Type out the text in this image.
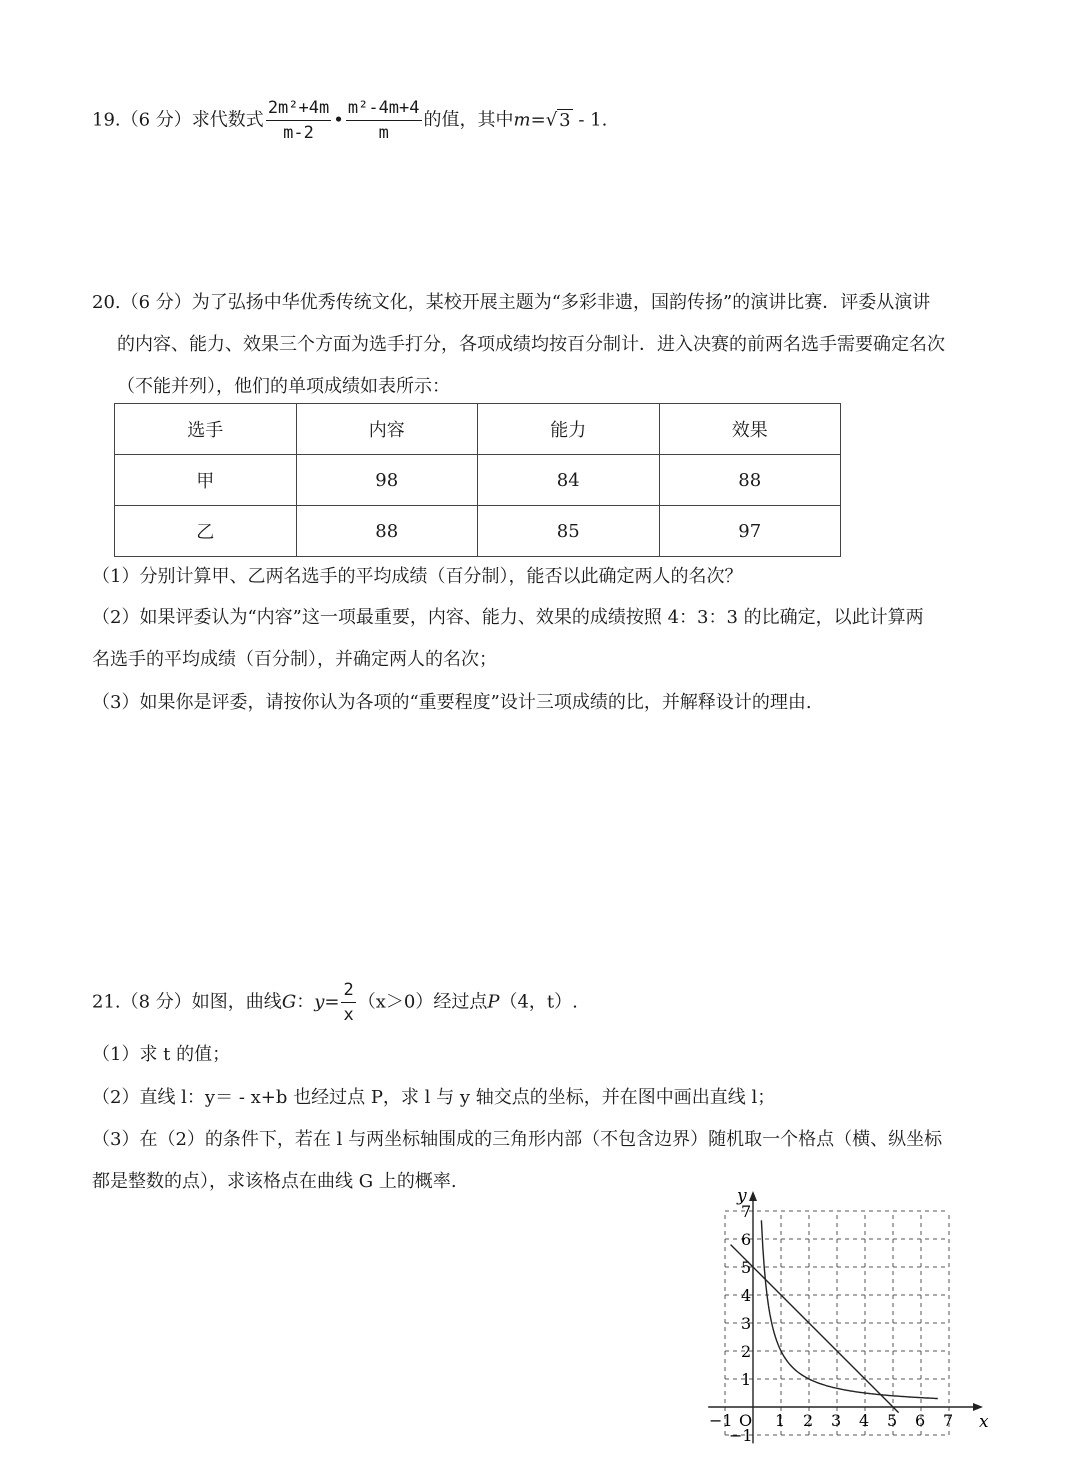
19.（6 分）求代数式 $\frac{\text{2m²+4m}}{m-2}$ • $\frac{\text{m²-4m+4}}{m}$ 的值，其中m=√ 3 - 1.
20.（6 分）为了弘扬中华优秀传统文化，某校开展主题为“多彩非遗，国韵传扬”的演讲比赛．评委从演讲
的内容、能力、效果三个方面为选手打分，各项成绩均按百分制计．进入决赛的前两名选手需要确定名次
（不能并列），他们的单项成绩如表所示：
选手	内容	能力	效果
甲	98	84	88
乙	88	85	97
（1）分别计算甲、乙两名选手的平均成绩（百分制），能否以此确定两人的名次？
（2）如果评委认为“内容”这一项最重要，内容、能力、效果的成绩按照 4：3：3 的比确定，以此计算两
名选手的平均成绩（百分制），并确定两人的名次；
（3）如果你是评委，请按你认为各项的“重要程度”设计三项成绩的比，并解释设计的理由.
21.（8 分）如图，曲线G：$y= \frac{2}{x} (x>0)$经过点P（4，t）.
（1）求 t 的值；
（2）直线 l：y＝ - x+b 也经过点 P，求 l 与 y 轴交点的坐标，并在图中画出直线 l；
（3）在（2）的条件下，若在 l 与两坐标轴围成的三角形内部（不包含边界）随机取一个格点（横、纵坐标
都是整数的点），求该格点在曲线 G 上的概率.
x
y
O
−1	1 2 3 4 5 6 7
−1
1
2
3
4
5
6
7
